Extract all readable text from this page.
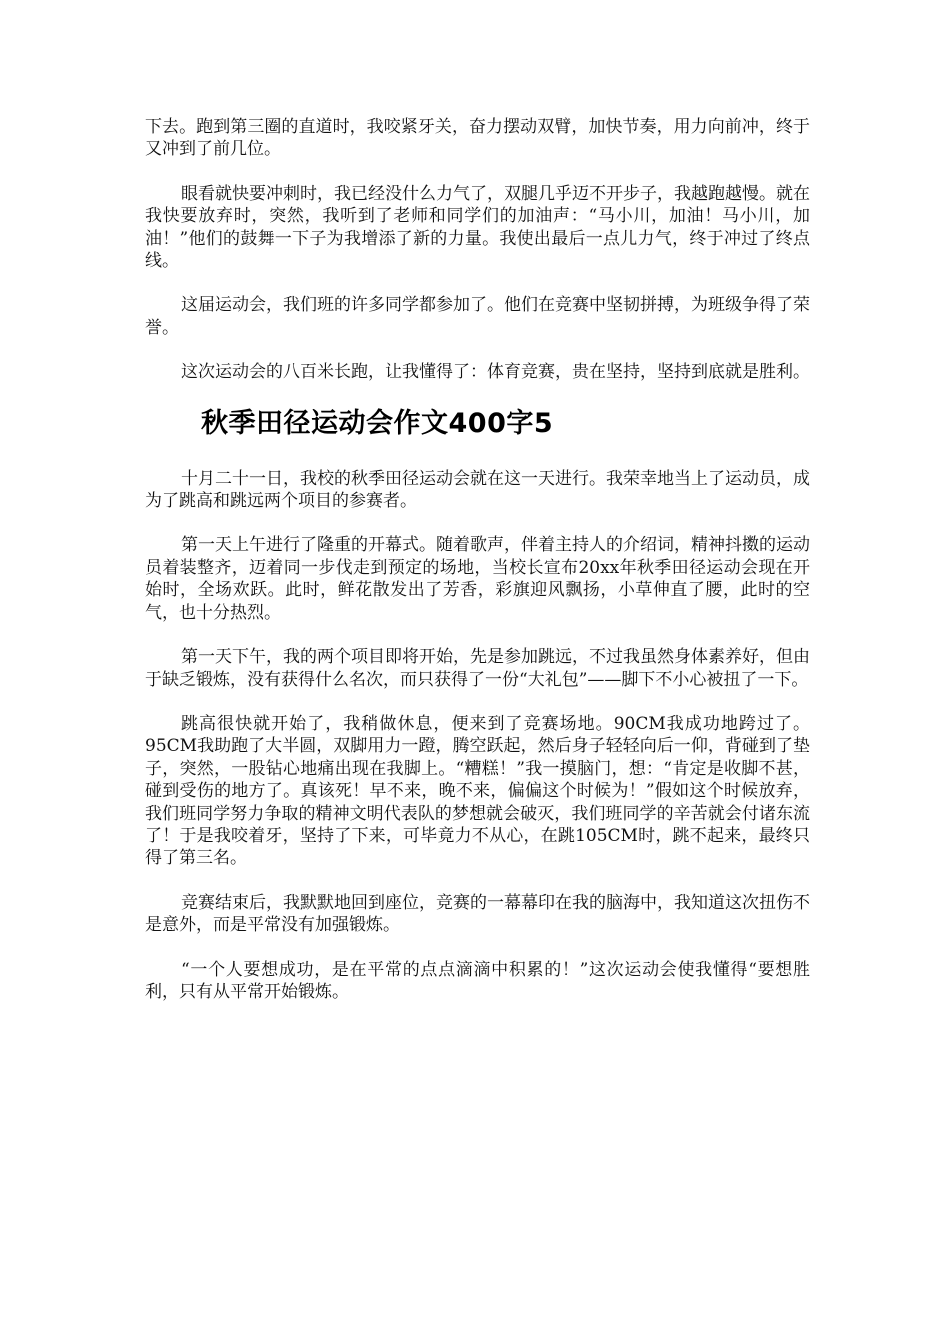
下去。跑到第三圈的直道时，我咬紧牙关，奋力摆动双臂，加快节奏，用力向前冲，终于又冲到了前几位。

眼看就快要冲刺时，我已经没什么力气了，双腿几乎迈不开步子，我越跑越慢。就在我快要放弃时，突然，我听到了老师和同学们的加油声：“马小川，加油！马小川，加油！”他们的鼓舞一下子为我增添了新的力量。我使出最后一点儿力气，终于冲过了终点线。

这届运动会，我们班的许多同学都参加了。他们在竞赛中坚韧拼搏，为班级争得了荣誉。

这次运动会的八百米长跑，让我懂得了：体育竞赛，贵在坚持，坚持到底就是胜利。

秋季田径运动会作文400字5

十月二十一日，我校的秋季田径运动会就在这一天进行。我荣幸地当上了运动员，成为了跳高和跳远两个项目的参赛者。

第一天上午进行了隆重的开幕式。随着歌声，伴着主持人的介绍词，精神抖擞的运动员着装整齐，迈着同一步伐走到预定的场地，当校长宣布20xx年秋季田径运动会现在开始时，全场欢跃。此时，鲜花散发出了芳香，彩旗迎风飘扬，小草伸直了腰，此时的空气，也十分热烈。

第一天下午，我的两个项目即将开始，先是参加跳远，不过我虽然身体素养好，但由于缺乏锻炼，没有获得什么名次，而只获得了一份“大礼包”——脚下不小心被扭了一下。

跳高很快就开始了，我稍做休息，便来到了竞赛场地。90CM我成功地跨过了。95CM我助跑了大半圆，双脚用力一蹬，腾空跃起，然后身子轻轻向后一仰，背碰到了垫子，突然，一股钻心地痛出现在我脚上。“糟糕！”我一摸脑门，想：“肯定是收脚不甚，碰到受伤的地方了。真该死！早不来，晚不来，偏偏这个时候为！”假如这个时候放弃，我们班同学努力争取的精神文明代表队的梦想就会破灭，我们班同学的辛苦就会付诸东流了！于是我咬着牙，坚持了下来，可毕竟力不从心，在跳105CM时，跳不起来，最终只得了第三名。

竞赛结束后，我默默地回到座位，竞赛的一幕幕印在我的脑海中，我知道这次扭伤不是意外，而是平常没有加强锻炼。

“一个人要想成功，是在平常的点点滴滴中积累的！”这次运动会使我懂得“要想胜利，只有从平常开始锻炼。
